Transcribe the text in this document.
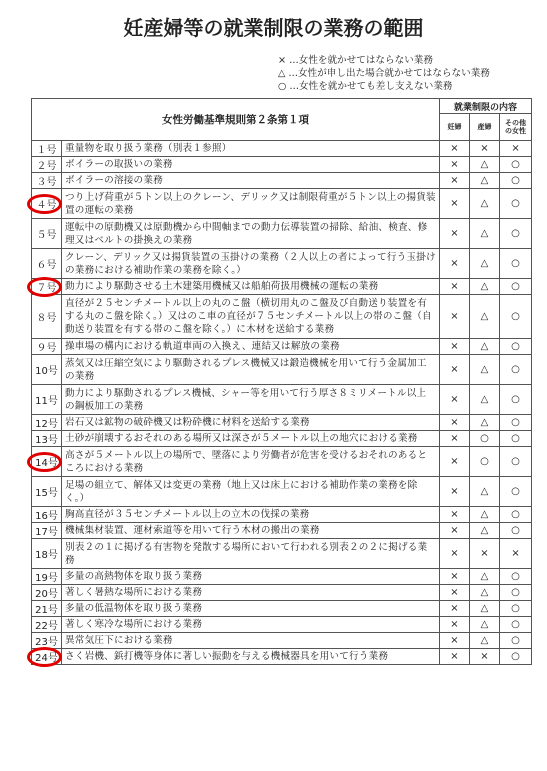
妊産婦等の就業制限の業務の範囲
× …女性を就かせてはならない業務
△ …女性が申し出た場合就かせてはならない業務
○ …女性を就かせても差し支えない業務
女性労働基準規則第２条第１項		就業制限の内容		
		妊婦	産婦	その他
の女性
１号	重量物を取り扱う業務（別表１参照）	×	×	×
２号	ボイラーの取扱いの業務	×	△	○
３号	ボイラーの溶接の業務	×	△	○
４号	つり上げ荷重が５トン以上のクレーン、デリック又は制限荷重が５トン以上の揚貨装置の運転の業務	×	△	○
５号	運転中の原動機又は原動機から中間軸までの動力伝導装置の掃除、給油、検査、修理又はベルトの掛換えの業務	×	△	○
６号	クレーン、デリック又は揚貨装置の玉掛けの業務（２人以上の者によって行う玉掛けの業務における補助作業の業務を除く。）	×	△	○
７号	動力により駆動させる土木建築用機械又は船舶荷扱用機械の運転の業務	×	△	○
８号	直径が２５センチメートル以上の丸のこ盤（横切用丸のこ盤及び自動送り装置を有する丸のこ盤を除く。）又はのこ車の直径が７５センチメートル以上の帯のこ盤（自動送り装置を有する帯のこ盤を除く。）に木材を送給する業務	×	△	○
９号	操車場の構内における軌道車両の入換え、連結又は解放の業務	×	△	○
10号	蒸気又は圧縮空気により駆動されるプレス機械又は鍛造機械を用いて行う金属加工の業務	×	△	○
11号	動力により駆動されるプレス機械、シャー等を用いて行う厚さ８ミリメートル以上の鋼板加工の業務	×	△	○
12号	岩石又は鉱物の破砕機又は粉砕機に材料を送給する業務	×	△	○
13号	土砂が崩壊するおそれのある場所又は深さが５メートル以上の地穴における業務	×	○	○
14号	高さが５メートル以上の場所で、墜落により労働者が危害を受けるおそれのあるところにおける業務	×	○	○
15号	足場の組立て、解体又は変更の業務（地上又は床上における補助作業の業務を除く。）	×	△	○
16号	胸高直径が３５センチメートル以上の立木の伐採の業務	×	△	○
17号	機械集材装置、運材索道等を用いて行う木材の搬出の業務	×	△	○
18号	別表２の１に掲げる有害物を発散する場所において行われる別表２の２に掲げる業務	×	×	×
19号	多量の高熱物体を取り扱う業務	×	△	○
20号	著しく暑熱な場所における業務	×	△	○
21号	多量の低温物体を取り扱う業務	×	△	○
22号	著しく寒冷な場所における業務	×	△	○
23号	異常気圧下における業務	×	△	○
24号	さく岩機、鋲打機等身体に著しい振動を与える機械器具を用いて行う業務	×	×	○
